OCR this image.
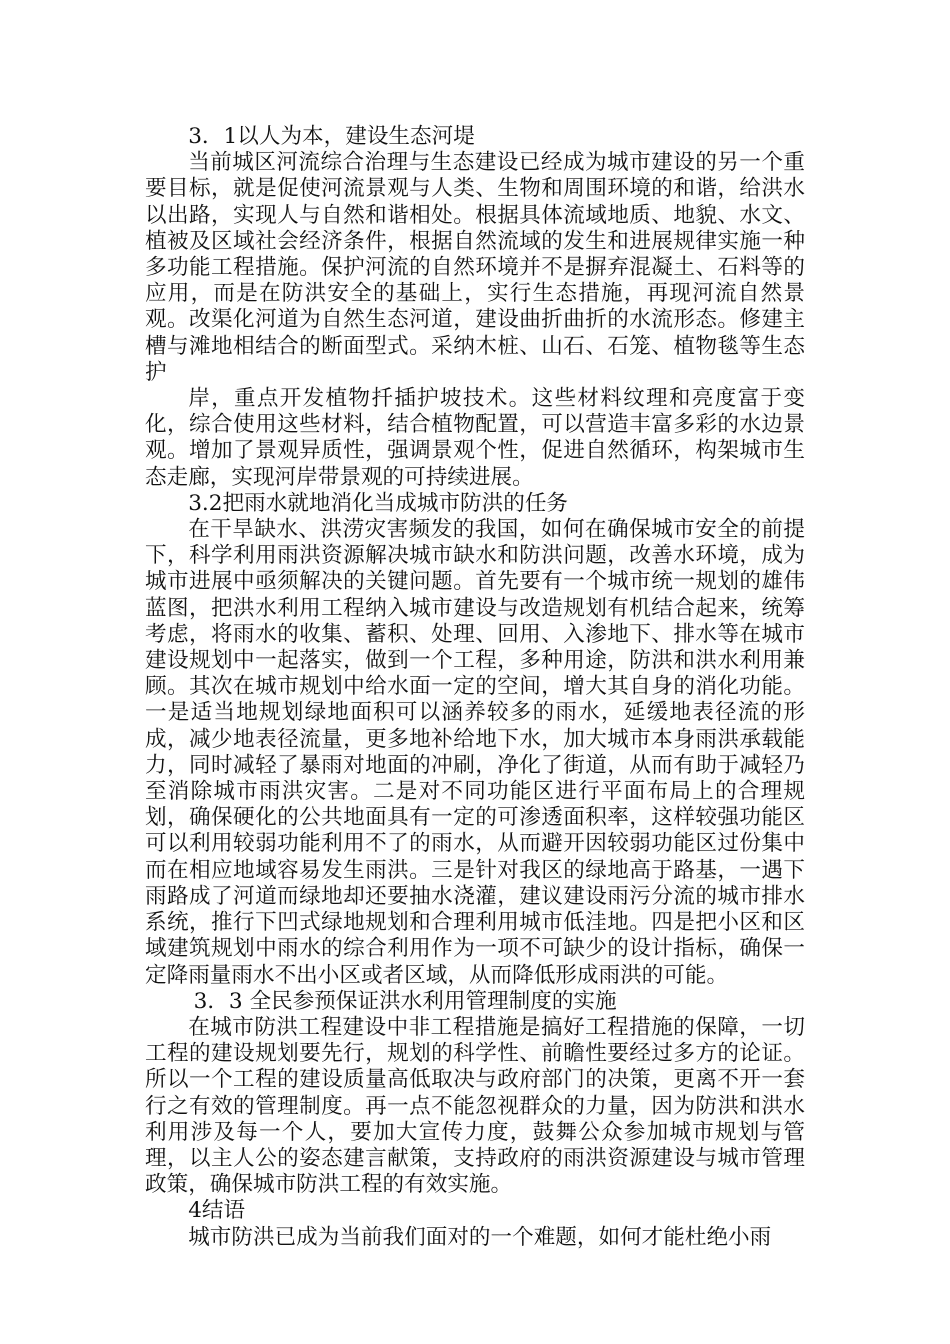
3．1以人为本，建设生态河堤

当前城区河流综合治理与生态建设已经成为城市建设的另一个重要目标，就是促使河流景观与人类、生物和周围环境的和谐，给洪水以出路，实现人与自然和谐相处。根据具体流域地质、地貌、水文、植被及区域社会经济条件，根据自然流域的发生和进展规律实施一种多功能工程措施。保护河流的自然环境并不是摒弃混凝土、石料等的应用，而是在防洪安全的基础上，实行生态措施，再现河流自然景观。改渠化河道为自然生态河道，建设曲折曲折的水流形态。修建主槽与滩地相结合的断面型式。采纳木桩、山石、石笼、植物毯等生态护

岸，重点开发植物扦插护坡技术。这些材料纹理和亮度富于变化，综合使用这些材料，结合植物配置，可以营造丰富多彩的水边景观。增加了景观异质性，强调景观个性，促进自然循环，构架城市生态走廊，实现河岸带景观的可持续进展。

3.2把雨水就地消化当成城市防洪的任务

在干旱缺水、洪涝灾害频发的我国，如何在确保城市安全的前提下，科学利用雨洪资源解决城市缺水和防洪问题，改善水环境，成为城市进展中亟须解决的关键问题。首先要有一个城市统一规划的雄伟蓝图，把洪水利用工程纳入城市建设与改造规划有机结合起来，统筹考虑，将雨水的收集、蓄积、处理、回用、入渗地下、排水等在城市建设规划中一起落实，做到一个工程，多种用途，防洪和洪水利用兼顾。其次在城市规划中给水面一定的空间，增大其自身的消化功能。一是适当地规划绿地面积可以涵养较多的雨水，延缓地表径流的形成，减少地表径流量，更多地补给地下水，加大城市本身雨洪承载能力，同时减轻了暴雨对地面的冲刷，净化了街道，从而有助于减轻乃至消除城市雨洪灾害。二是对不同功能区进行平面布局上的合理规划，确保硬化的公共地面具有一定的可渗透面积率，这样较强功能区可以利用较弱功能利用不了的雨水，从而避开因较弱功能区过份集中而在相应地域容易发生雨洪。三是针对我区的绿地高于路基，一遇下雨路成了河道而绿地却还要抽水浇灌，建议建设雨污分流的城市排水系统，推行下凹式绿地规划和合理利用城市低洼地。四是把小区和区域建筑规划中雨水的综合利用作为一项不可缺少的设计指标，确保一定降雨量雨水不出小区或者区域，从而降低形成雨洪的可能。

3．3 全民参预保证洪水利用管理制度的实施

在城市防洪工程建设中非工程措施是搞好工程措施的保障，一切工程的建设规划要先行，规划的科学性、前瞻性要经过多方的论证。所以一个工程的建设质量高低取决与政府部门的决策，更离不开一套行之有效的管理制度。再一点不能忽视群众的力量，因为防洪和洪水利用涉及每一个人，要加大宣传力度，鼓舞公众参加城市规划与管理，以主人公的姿态建言献策，支持政府的雨洪资源建设与城市管理政策，确保城市防洪工程的有效实施。

4结语

城市防洪已成为当前我们面对的一个难题，如何才能杜绝小雨
